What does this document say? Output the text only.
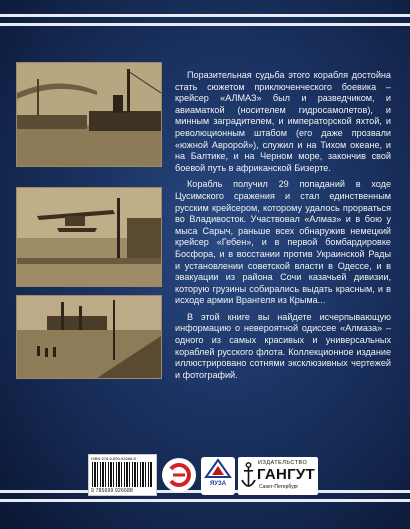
Поразительная судьба этого корабля достойна стать сюжетом приключенческого боевика – крейсер «АЛМАЗ» был и разведчиком, и авиаматкой (носителем гидросамолетов), и минным заградителем, и императорской яхтой, и революционным штабом (его даже прозвали «южной Авророй»), служил и на Тихом океане, и на Балтике, и на Черном море, закончив свой боевой путь в африканской Бизерте.

Корабль получил 29 попаданий в ходе Цусимского сражения и стал единственным русским крейсером, которому удалось прорваться во Владивосток. Участвовал «Алмаз» и в бою у мыса Сарыч, раньше всех обнаружив немецкий крейсер «Гебен», и в первой бомбардировке Босфора, и в восстании против Украинской Рады и установлении советской власти в Одессе, и в эвакуации из района Сочи казачьей дивизии, которую грузины собирались выдать красным, и в исходе армии Врангеля из Крыма...

В этой книге вы найдете исчерпывающую информацию о невероятной одиссее «Алмаза» – одного из самых красивых и универсальных кораблей русского флота. Коллекционное издание иллюстрировано сотнями эксклюзивных чертежей и фотографий.

ISBN 978-5-699-92668-8
9 785699 926688
ЯУЗА
ИЗДАТЕЛЬСТВО
ГАНГУТ
Санкт-Петербург
